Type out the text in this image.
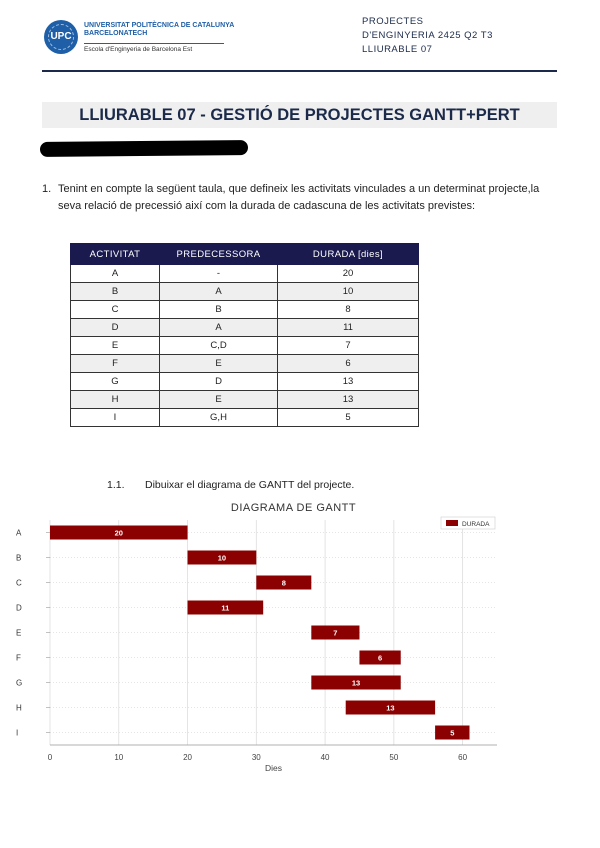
UPC
UNIVERSITAT POLITÈCNICA DE CATALUNYA BARCELONATECH
Escola d'Enginyeria de Barcelona Est
PROJECTES
D'ENGINYERIA 2425 Q2 T3
LLIURABLE 07
LLIURABLE 07 - GESTIÓ DE PROJECTES GANTT+PERT
1. Tenint en compte la següent taula, que defineix les activitats vinculades a un determinat projecte,la seva relació de precessió així com la durada de cadascuna de les activitats previstes:
ACTIVITAT	PREDECESSORA	DURADA [dies]
A	-	20
B	A	10
C	B	8
D	A	11
E	C,D	7
F	E	6
G	D	13
H	E	13
I	G,H	5
1.1. Dibuixar el diagrama de GANTT del projecte.
DIAGRAMA DE GANTT
0	10	20	30	40	50	60
Dies
A	20
B	10
C	8
D	11
E	7
F	6
G	13
H	13
I	5
DURADA
